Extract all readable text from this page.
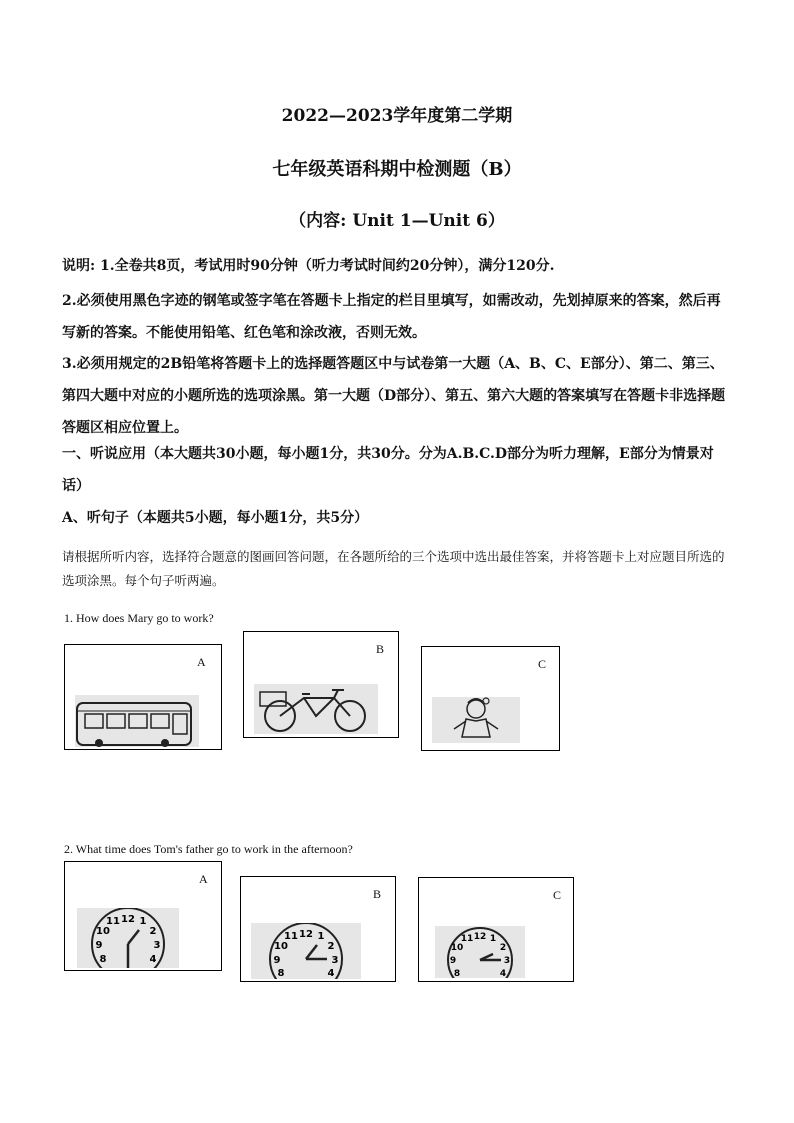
2022—2023学年度第二学期
七年级英语科期中检测题（B）
（内容: Unit 1—Unit 6）
说明: 1.全卷共8页，考试用时90分钟（听力考试时间约20分钟），满分120分.
2.必须使用黑色字迹的钢笔或签字笔在答题卡上指定的栏目里填写，如需改动，先划掉原来的答案，然后再写新的答案。不能使用铅笔、红色笔和涂改液，否则无效。
3.必须用规定的2B铅笔将答题卡上的选择题答题区中与试卷第一大题（A、B、C、E部分）、第二、第三、第四大题中对应的小题所选的选项涂黑。第一大题（D部分）、第五、第六大题的答案填写在答题卡非选择题答题区相应位置上。
一、听说应用（本大题共30小题，每小题1分，共30分。分为A.B.C.D部分为听力理解，E部分为情景对话）
A、听句子（本题共5小题，每小题1分，共5分）
请根据所听内容，选择符合题意的图画回答问题，在各题所给的三个选项中选出最佳答案，并将答题卡上对应题目所选的选项涂黑。每个句子听两遍。
1. How does Mary go to work?
A
B
C
2. What time does Tom's father go to work in the afternoon?
A
12
11 1
10	2
9	3
8	4
B
12
11 1
10	2
9	3
8	4
C
12
11 1
10	2
9	3
8	4
